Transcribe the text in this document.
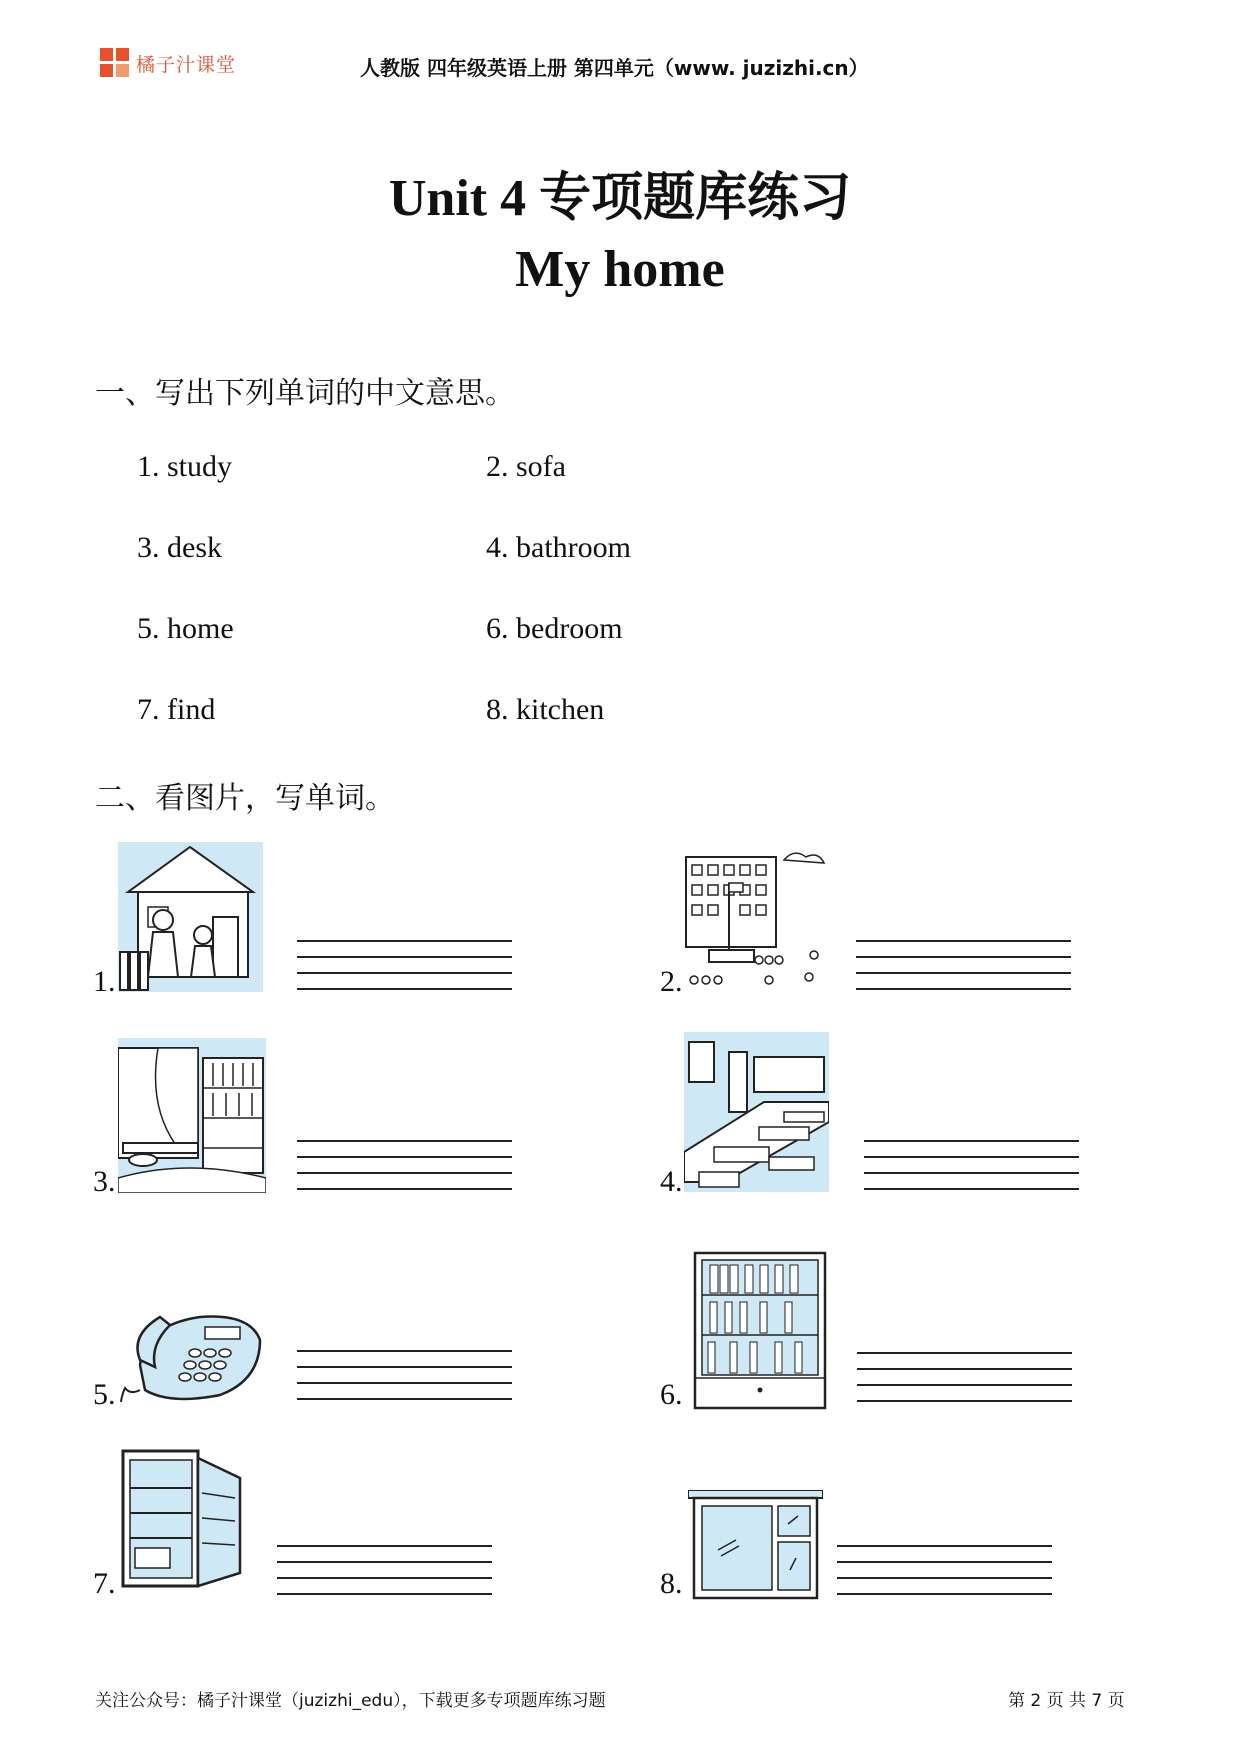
橘子汁课堂	人教版 四年级英语上册 第四单元（www. juzizhi.cn）
Unit 4 专项题库练习
My home
一、写出下列单词的中文意思。
1. study	2. sofa
3. desk	4. bathroom
5. home	6. bedroom
7. find	8. kitchen
二、看图片，写单词。
1.	2.
3.	4.
5.	6.
7.	8.
关注公众号：橘子汁课堂（juzizhi_edu），下载更多专项题库练习题	第 2 页 共 7 页
